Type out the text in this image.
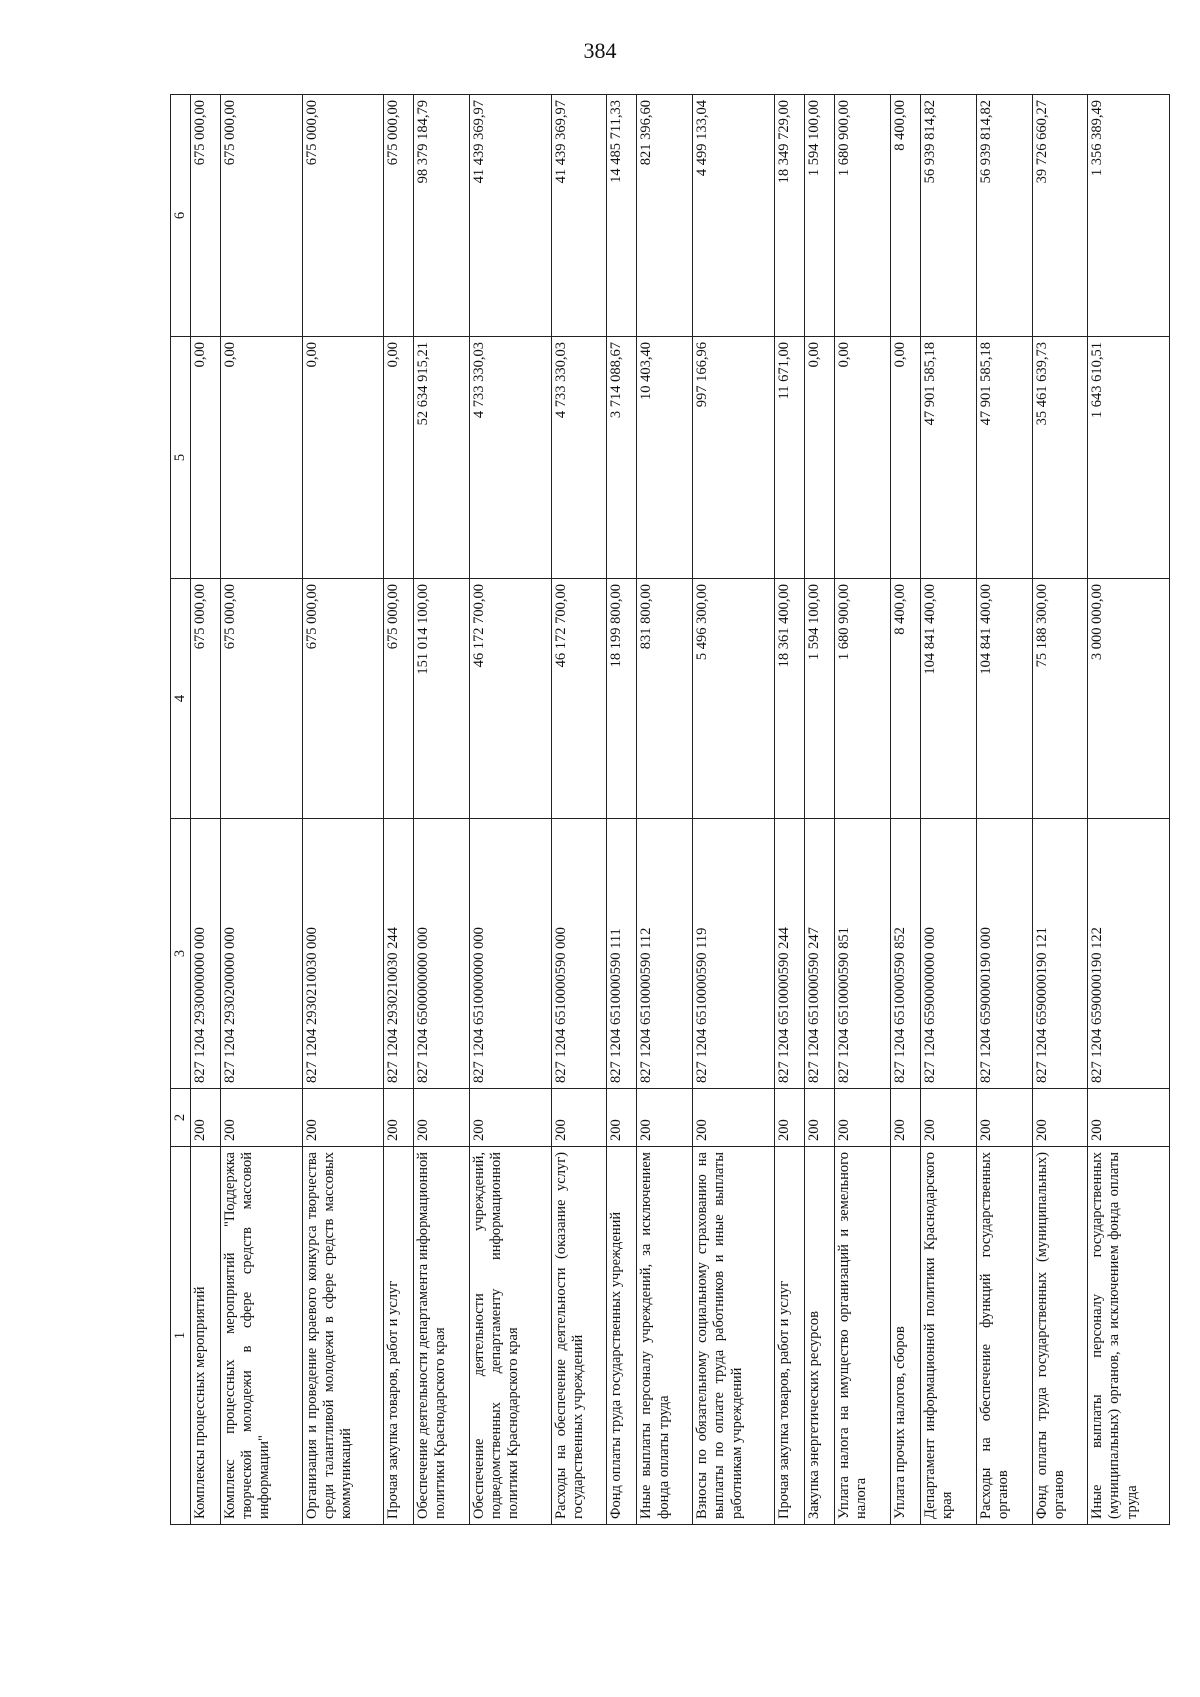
384
1	2	3	4	5	6
Комплексы процессных мероприятий	200	827 1204 2930000000 000	675 000,00	0,00	675 000,00
Комплекс процессных мероприятий "Поддержка творческой молодежи в сфере средств массовой информации"	200	827 1204 2930200000 000	675 000,00	0,00	675 000,00
Организация и проведение краевого конкурса творчества среди талантливой молодежи в сфере средств массовых коммуникаций	200	827 1204 2930210030 000	675 000,00	0,00	675 000,00
Прочая закупка товаров, работ и услуг	200	827 1204 2930210030 244	675 000,00	0,00	675 000,00
Обеспечение деятельности департамента информационной политики Краснодарского края	200	827 1204 6500000000 000	151 014 100,00	52 634 915,21	98 379 184,79
Обеспечение деятельности учреждений, подведомственных департаменту информационной политики Краснодарского края	200	827 1204 6510000000 000	46 172 700,00	4 733 330,03	41 439 369,97
Расходы на обеспечение деятельности (оказание услуг) государственных учреждений	200	827 1204 6510000590 000	46 172 700,00	4 733 330,03	41 439 369,97
Фонд оплаты труда государственных учреждений	200	827 1204 6510000590 111	18 199 800,00	3 714 088,67	14 485 711,33
Иные выплаты персоналу учреждений, за исключением фонда оплаты труда	200	827 1204 6510000590 112	831 800,00	10 403,40	821 396,60
Взносы по обязательному социальному страхованию на выплаты по оплате труда работников и иные выплаты работникам учреждений	200	827 1204 6510000590 119	5 496 300,00	997 166,96	4 499 133,04
Прочая закупка товаров, работ и услуг	200	827 1204 6510000590 244	18 361 400,00	11 671,00	18 349 729,00
Закупка энергетических ресурсов	200	827 1204 6510000590 247	1 594 100,00	0,00	1 594 100,00
Уплата налога на имущество организаций и земельного налога	200	827 1204 6510000590 851	1 680 900,00	0,00	1 680 900,00
Уплата прочих налогов, сборов	200	827 1204 6510000590 852	8 400,00	0,00	8 400,00
Департамент информационной политики Краснодарского края	200	827 1204 6590000000 000	104 841 400,00	47 901 585,18	56 939 814,82
Расходы на обеспечение функций государственных органов	200	827 1204 6590000190 000	104 841 400,00	47 901 585,18	56 939 814,82
Фонд оплаты труда государственных (муниципальных) органов	200	827 1204 6590000190 121	75 188 300,00	35 461 639,73	39 726 660,27
Иные выплаты персоналу государственных (муниципальных) органов, за исключением фонда оплаты труда	200	827 1204 6590000190 122	3 000 000,00	1 643 610,51	1 356 389,49
